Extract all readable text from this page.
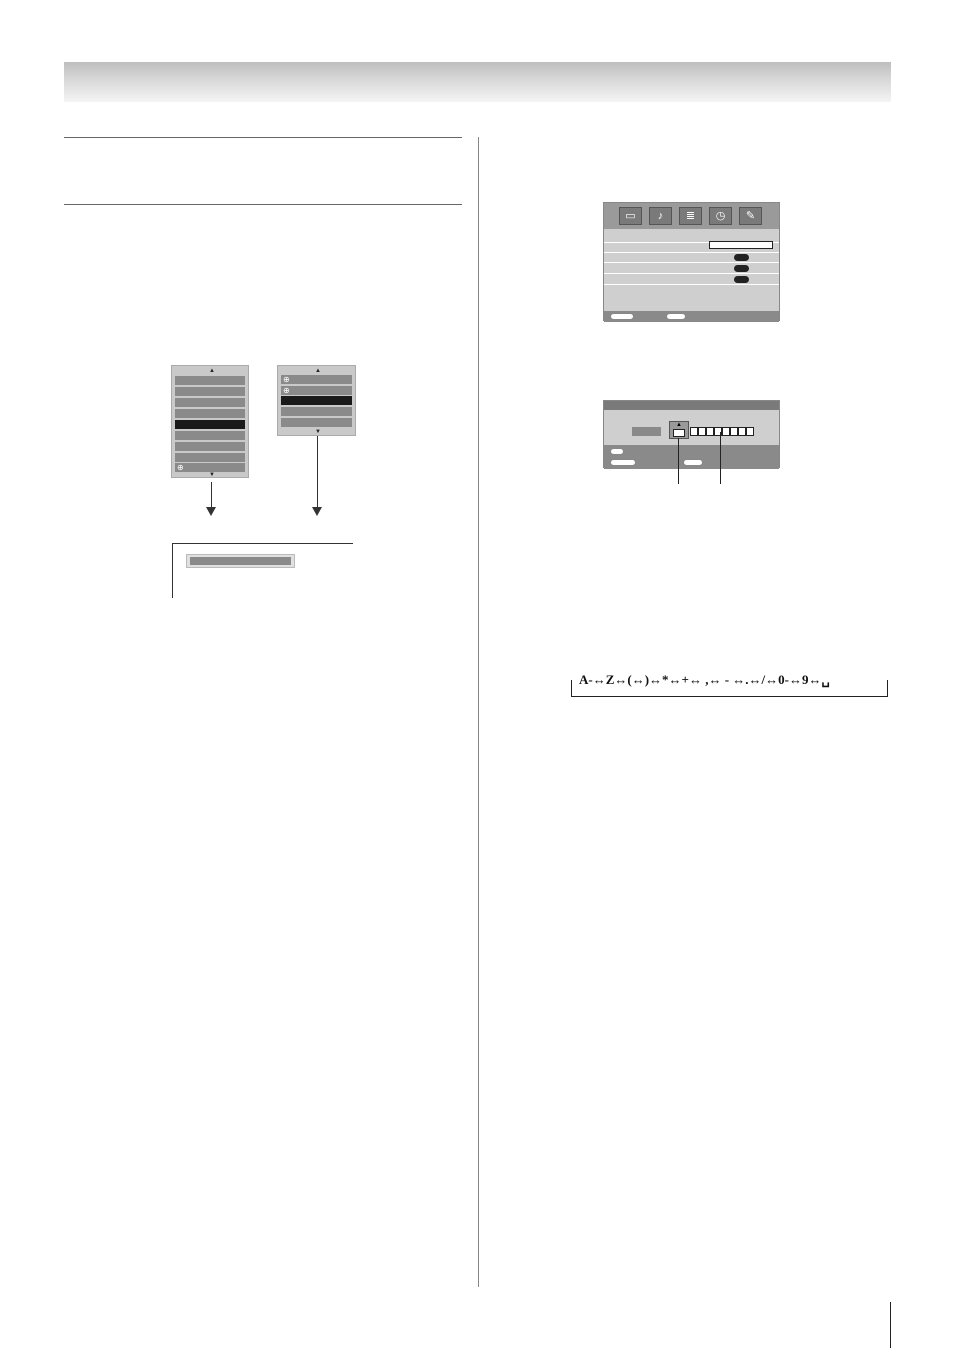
▲
⊕
▼
▲
⊕
⊕
▼
▭	♪	≣	◷	✎
▲
A-↔Z↔(↔)↔*↔+↔ ,↔ - ↔.↔/↔0-↔9↔␣
